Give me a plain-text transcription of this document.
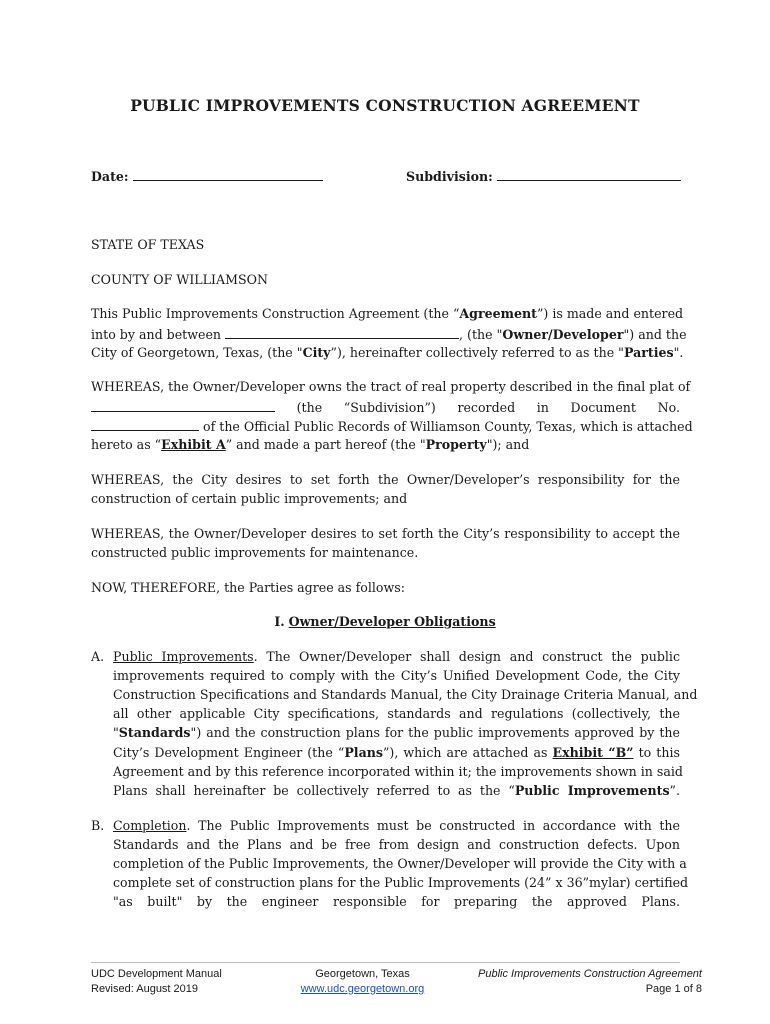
PUBLIC IMPROVEMENTS CONSTRUCTION AGREEMENT
Date:	Subdivision:
STATE OF TEXAS
COUNTY OF WILLIAMSON
This Public Improvements Construction Agreement (the “Agreement”) is made and entered
into by and between	, (the "Owner/Developer") and the
City of Georgetown, Texas, (the "City”), hereinafter collectively referred to as the "Parties".
WHEREAS, the Owner/Developer owns the tract of real property described in the final plat of
(the “Subdivision”) recorded in Document No.
of the Official Public Records of Williamson County, Texas, which is attached
hereto as “Exhibit A” and made a part hereof (the "Property"); and
WHEREAS, the City desires to set forth the Owner/Developer’s responsibility for the
construction of certain public improvements; and
WHEREAS, the Owner/Developer desires to set forth the City’s responsibility to accept the
constructed public improvements for maintenance.
NOW, THEREFORE, the Parties agree as follows:
I. Owner/Developer Obligations
A. Public Improvements. The Owner/Developer shall design and construct the public
improvements required to comply with the City’s Unified Development Code, the City
Construction Specifications and Standards Manual, the City Drainage Criteria Manual, and
all other applicable City specifications, standards and regulations (collectively, the
"Standards") and the construction plans for the public improvements approved by the
City’s Development Engineer (the “Plans”), which are attached as Exhibit “B” to this
Agreement and by this reference incorporated within it; the improvements shown in said
Plans shall hereinafter be collectively referred to as the “Public Improvements”.
B. Completion. The Public Improvements must be constructed in accordance with the
Standards and the Plans and be free from design and construction defects. Upon
completion of the Public Improvements, the Owner/Developer will provide the City with a
complete set of construction plans for the Public Improvements (24” x 36”mylar) certified
"as built" by the engineer responsible for preparing the approved Plans.
UDC Development Manual
Revised: August 2019
Georgetown, Texas
www.udc.georgetown.org
Public Improvements Construction Agreement
Page 1 of 8
